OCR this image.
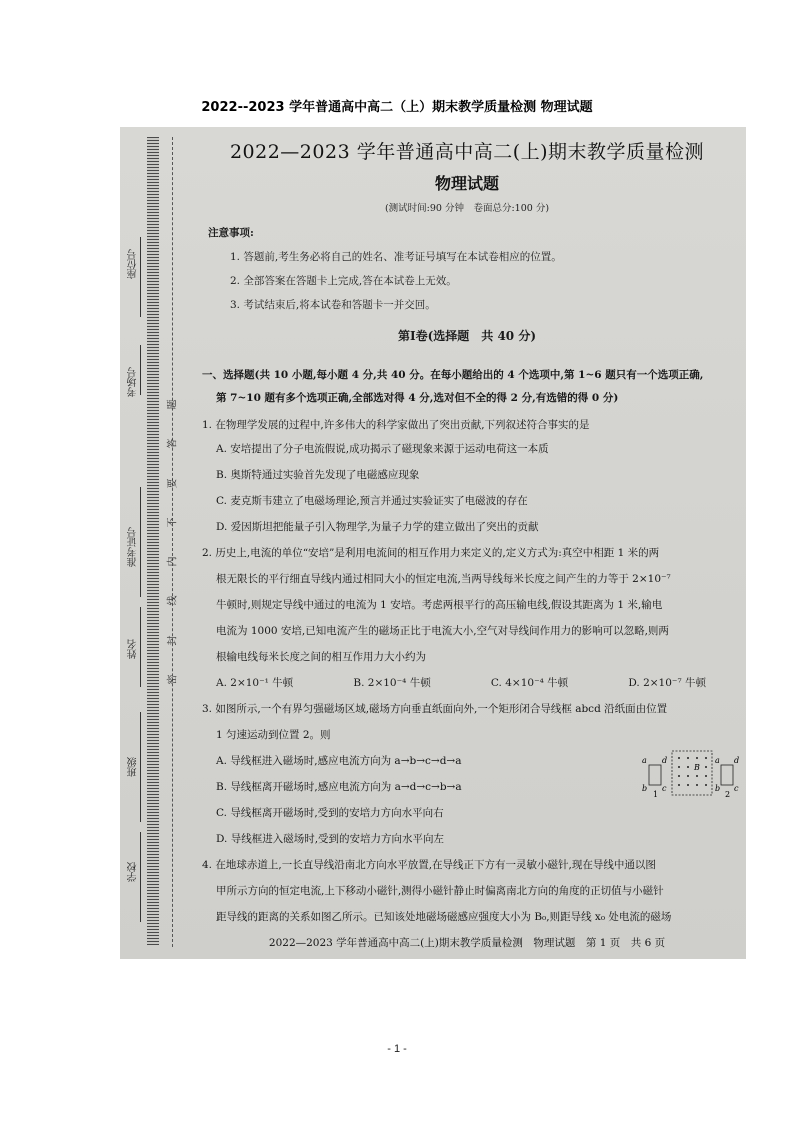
2022--2023 学年普通高中高二（上）期末教学质量检测 物理试题
座位号
考场号
准考证号
姓名
班级
学校
题
答
要
不
内
线
封
密
2022—2023 学年普通高中高二(上)期末教学质量检测
物理试题
(测试时间:90 分钟　卷面总分:100 分)
注意事项:
1. 答题前,考生务必将自己的姓名、准考证号填写在本试卷相应的位置。
2. 全部答案在答题卡上完成,答在本试卷上无效。
3. 考试结束后,将本试卷和答题卡一并交回。
第Ⅰ卷(选择题　共 40 分)
一、选择题(共 10 小题,每小题 4 分,共 40 分。在每小题给出的 4 个选项中,第 1~6 题只有一个选项正确,
第 7~10 题有多个选项正确,全部选对得 4 分,选对但不全的得 2 分,有选错的得 0 分)
1. 在物理学发展的过程中,许多伟大的科学家做出了突出贡献,下列叙述符合事实的是
A. 安培提出了分子电流假说,成功揭示了磁现象来源于运动电荷这一本质
B. 奥斯特通过实验首先发现了电磁感应现象
C. 麦克斯韦建立了电磁场理论,预言并通过实验证实了电磁波的存在
D. 爱因斯坦把能量子引入物理学,为量子力学的建立做出了突出的贡献
2. 历史上,电流的单位“安培”是利用电流间的相互作用力来定义的,定义方式为:真空中相距 1 米的两
根无限长的平行细直导线内通过相同大小的恒定电流,当两导线每米长度之间产生的力等于 2×10⁻⁷
牛顿时,则规定导线中通过的电流为 1 安培。考虑两根平行的高压输电线,假设其距离为 1 米,输电
电流为 1000 安培,已知电流产生的磁场正比于电流大小,空气对导线间作用力的影响可以忽略,则两
根输电线每米长度之间的相互作用力大小约为
A. 2×10⁻¹ 牛顿	B. 2×10⁻⁴ 牛顿	C. 4×10⁻⁴ 牛顿	D. 2×10⁻⁷ 牛顿
3. 如图所示,一个有界匀强磁场区域,磁场方向垂直纸面向外,一个矩形闭合导线框 abcd 沿纸面由位置
1 匀速运动到位置 2。则
A. 导线框进入磁场时,感应电流方向为 a→b→c→d→a
B. 导线框离开磁场时,感应电流方向为 a→d→c→b→a
C. 导线框离开磁场时,受到的安培力方向水平向右
D. 导线框进入磁场时,受到的安培力方向水平向左
a
b
d
c
1
B
a
b
d
c
2
4. 在地球赤道上,一长直导线沿南北方向水平放置,在导线正下方有一灵敏小磁针,现在导线中通以图
甲所示方向的恒定电流,上下移动小磁针,测得小磁针静止时偏离南北方向的角度的正切值与小磁针
距导线的距离的关系如图乙所示。已知该处地磁场磁感应强度大小为 B₀,则距导线 x₀ 处电流的磁场
2022—2023 学年普通高中高二(上)期末教学质量检测　物理试题　第 1 页　共 6 页
- 1 -
